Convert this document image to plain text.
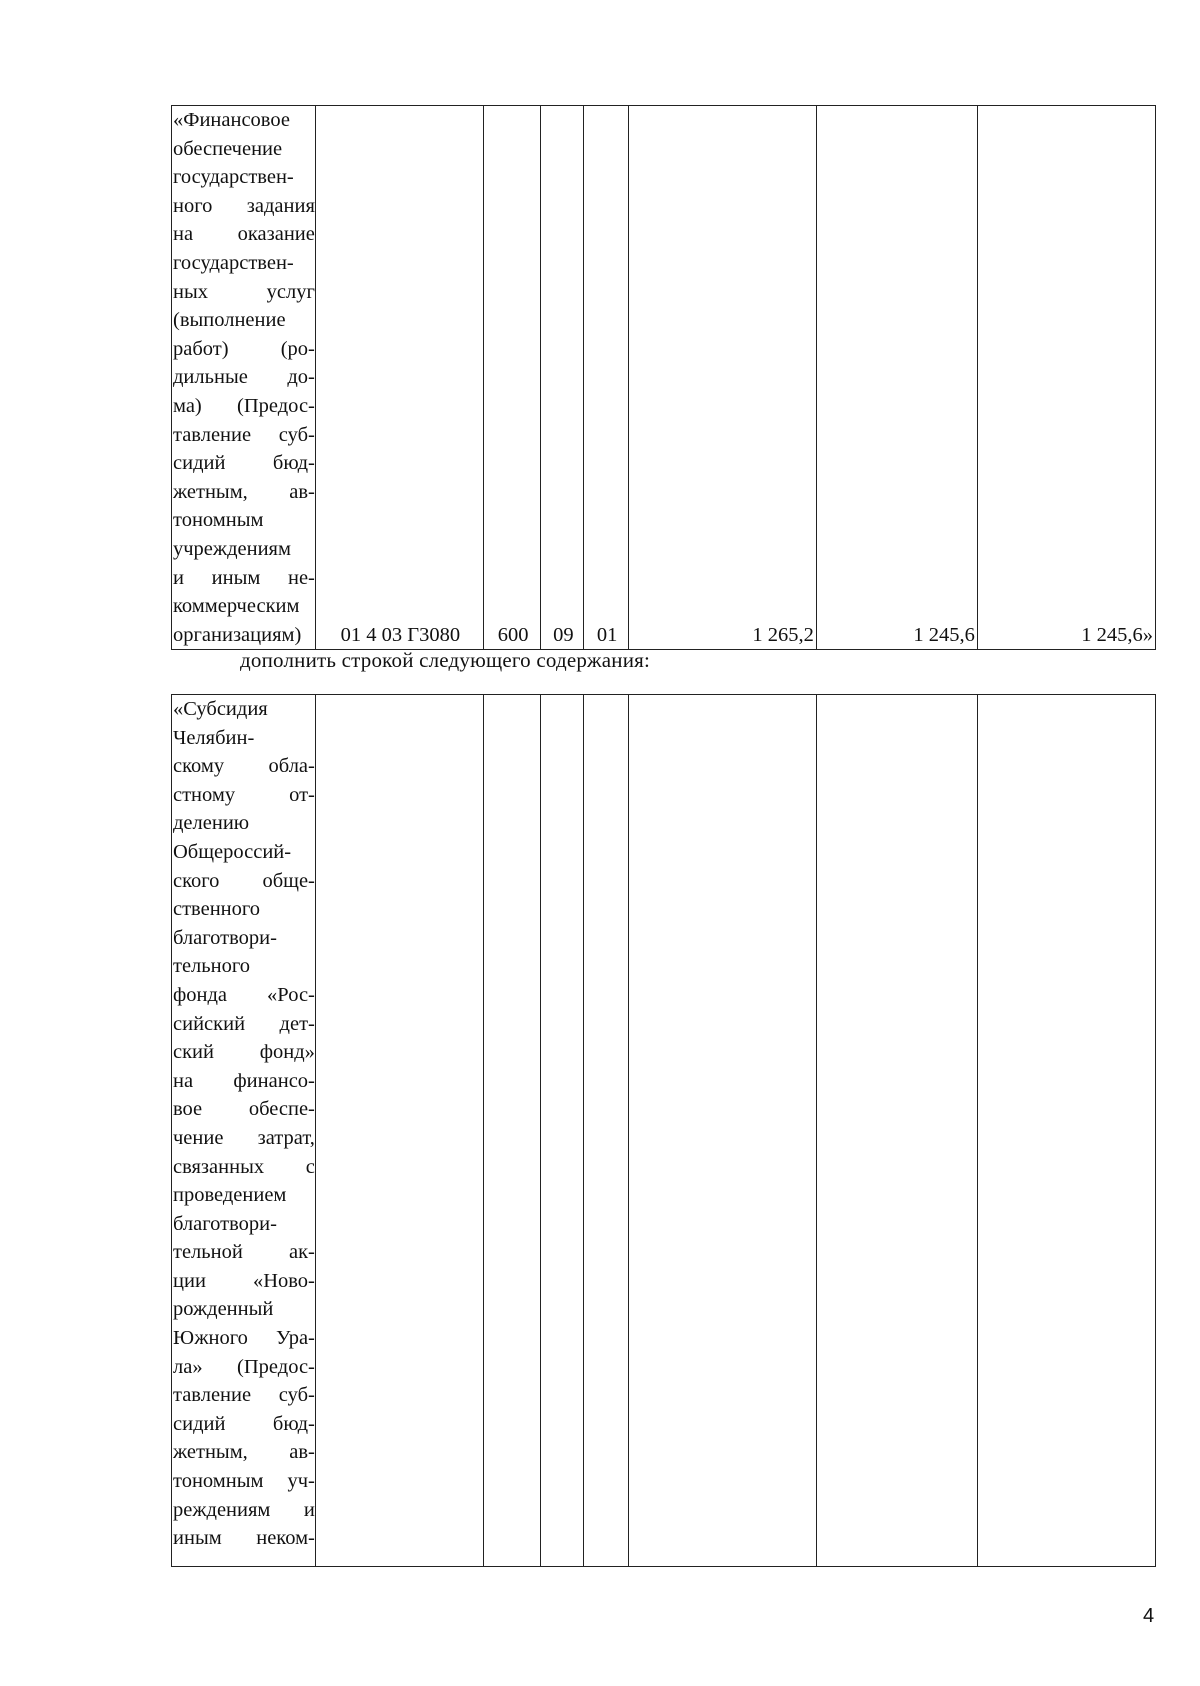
«Финансовое
обеспечение
государствен-
ного задания
на оказание
государствен-
ных услуг
(выполнение
работ) (ро-
дильные до-
ма) (Предос-
тавление суб-
сидий бюд-
жетным, ав-
тономным
учреждениям
и иным не-
коммерческим
организациям)	01 4 03 Г3080	600	09	01	1 265,2	1 245,6	1 245,6»
дополнить строкой следующего содержания:
«Субсидия
Челябин-
скому обла-
стному от-
делению
Общероссий-
ского обще-
ственного
благотвори-
тельного
фонда «Рос-
сийский дет-
ский фонд»
на финансо-
вое обеспе-
чение затрат,
связанных с
проведением
благотвори-
тельной ак-
ции «Ново-
рожденный
Южного Ура-
ла» (Предос-
тавление суб-
сидий бюд-
жетным, ав-
тономным уч-
реждениям и
иным неком-

4
